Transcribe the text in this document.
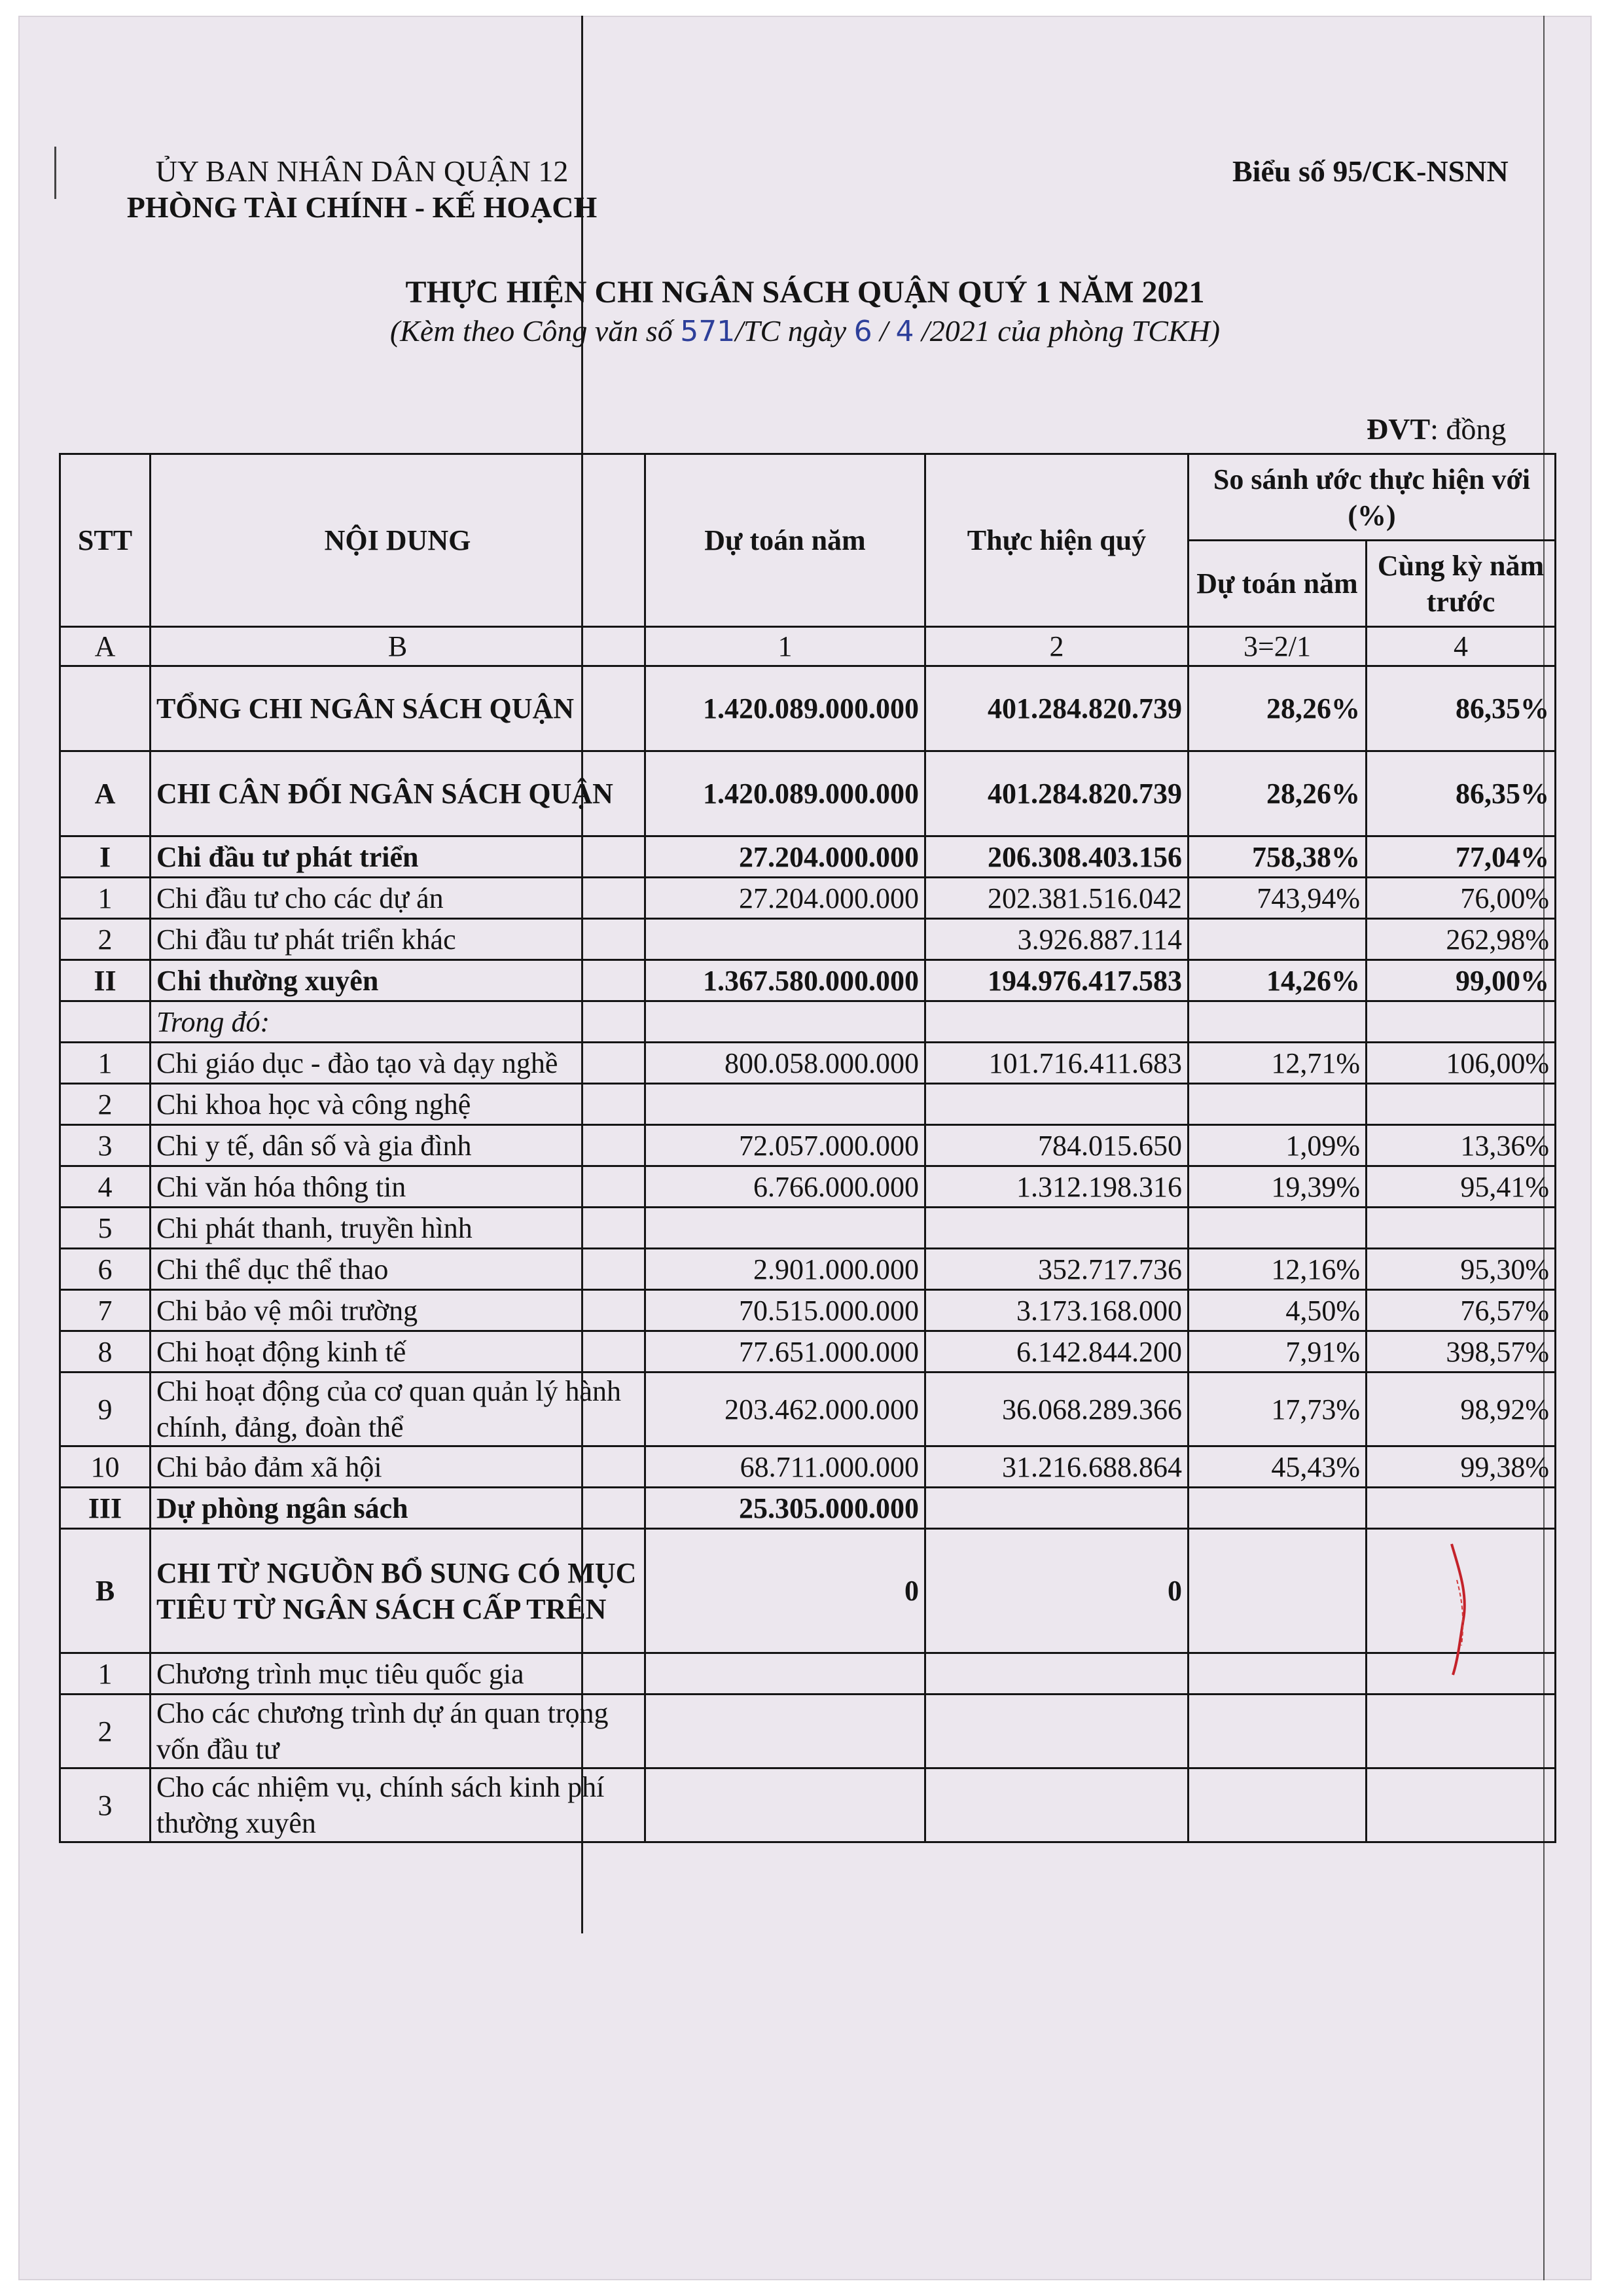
ỦY BAN NHÂN DÂN QUẬN 12
PHÒNG TÀI CHÍNH - KẾ HOẠCH
Biểu số 95/CK-NSNN
THỰC HIỆN CHI NGÂN SÁCH QUẬN QUÝ 1 NĂM 2021
(Kèm theo Công văn số 571/TC ngày 6 / 4 /2021 của phòng TCKH)
ĐVT: đồng
STT	NỘI DUNG	Dự toán năm	Thực hiện quý	So sánh ước thực hiện với (%)	
				Dự toán năm	Cùng kỳ năm trước
A	B	1	2	3=2/1	4
	TỔNG CHI NGÂN SÁCH QUẬN	1.420.089.000.000	401.284.820.739	28,26%	86,35%
A	CHI CÂN ĐỐI NGÂN SÁCH QUẬN	1.420.089.000.000	401.284.820.739	28,26%	86,35%
I	Chi đầu tư phát triển	27.204.000.000	206.308.403.156	758,38%	77,04%
1	Chi đầu tư cho các dự án	27.204.000.000	202.381.516.042	743,94%	76,00%
2	Chi đầu tư phát triển khác		3.926.887.114		262,98%
II	Chi thường xuyên	1.367.580.000.000	194.976.417.583	14,26%	99,00%
	Trong đó:				
1	Chi giáo dục - đào tạo và dạy nghề	800.058.000.000	101.716.411.683	12,71%	106,00%
2	Chi khoa học và công nghệ				
3	Chi y tế, dân số và gia đình	72.057.000.000	784.015.650	1,09%	13,36%
4	Chi văn hóa thông tin	6.766.000.000	1.312.198.316	19,39%	95,41%
5	Chi phát thanh, truyền hình				
6	Chi thể dục thể thao	2.901.000.000	352.717.736	12,16%	95,30%
7	Chi bảo vệ môi trường	70.515.000.000	3.173.168.000	4,50%	76,57%
8	Chi hoạt động kinh tế	77.651.000.000	6.142.844.200	7,91%	398,57%
9	Chi hoạt động của cơ quan quản lý hành chính, đảng, đoàn thể	203.462.000.000	36.068.289.366	17,73%	98,92%
10	Chi bảo đảm xã hội	68.711.000.000	31.216.688.864	45,43%	99,38%
III	Dự phòng ngân sách	25.305.000.000			
B	CHI TỪ NGUỒN BỔ SUNG CÓ MỤC TIÊU TỪ NGÂN SÁCH CẤP TRÊN	0	0		
1	Chương trình mục tiêu quốc gia				
2	Cho các chương trình dự án quan trọng vốn đầu tư				
3	Cho các nhiệm vụ, chính sách kinh phí thường xuyên				
